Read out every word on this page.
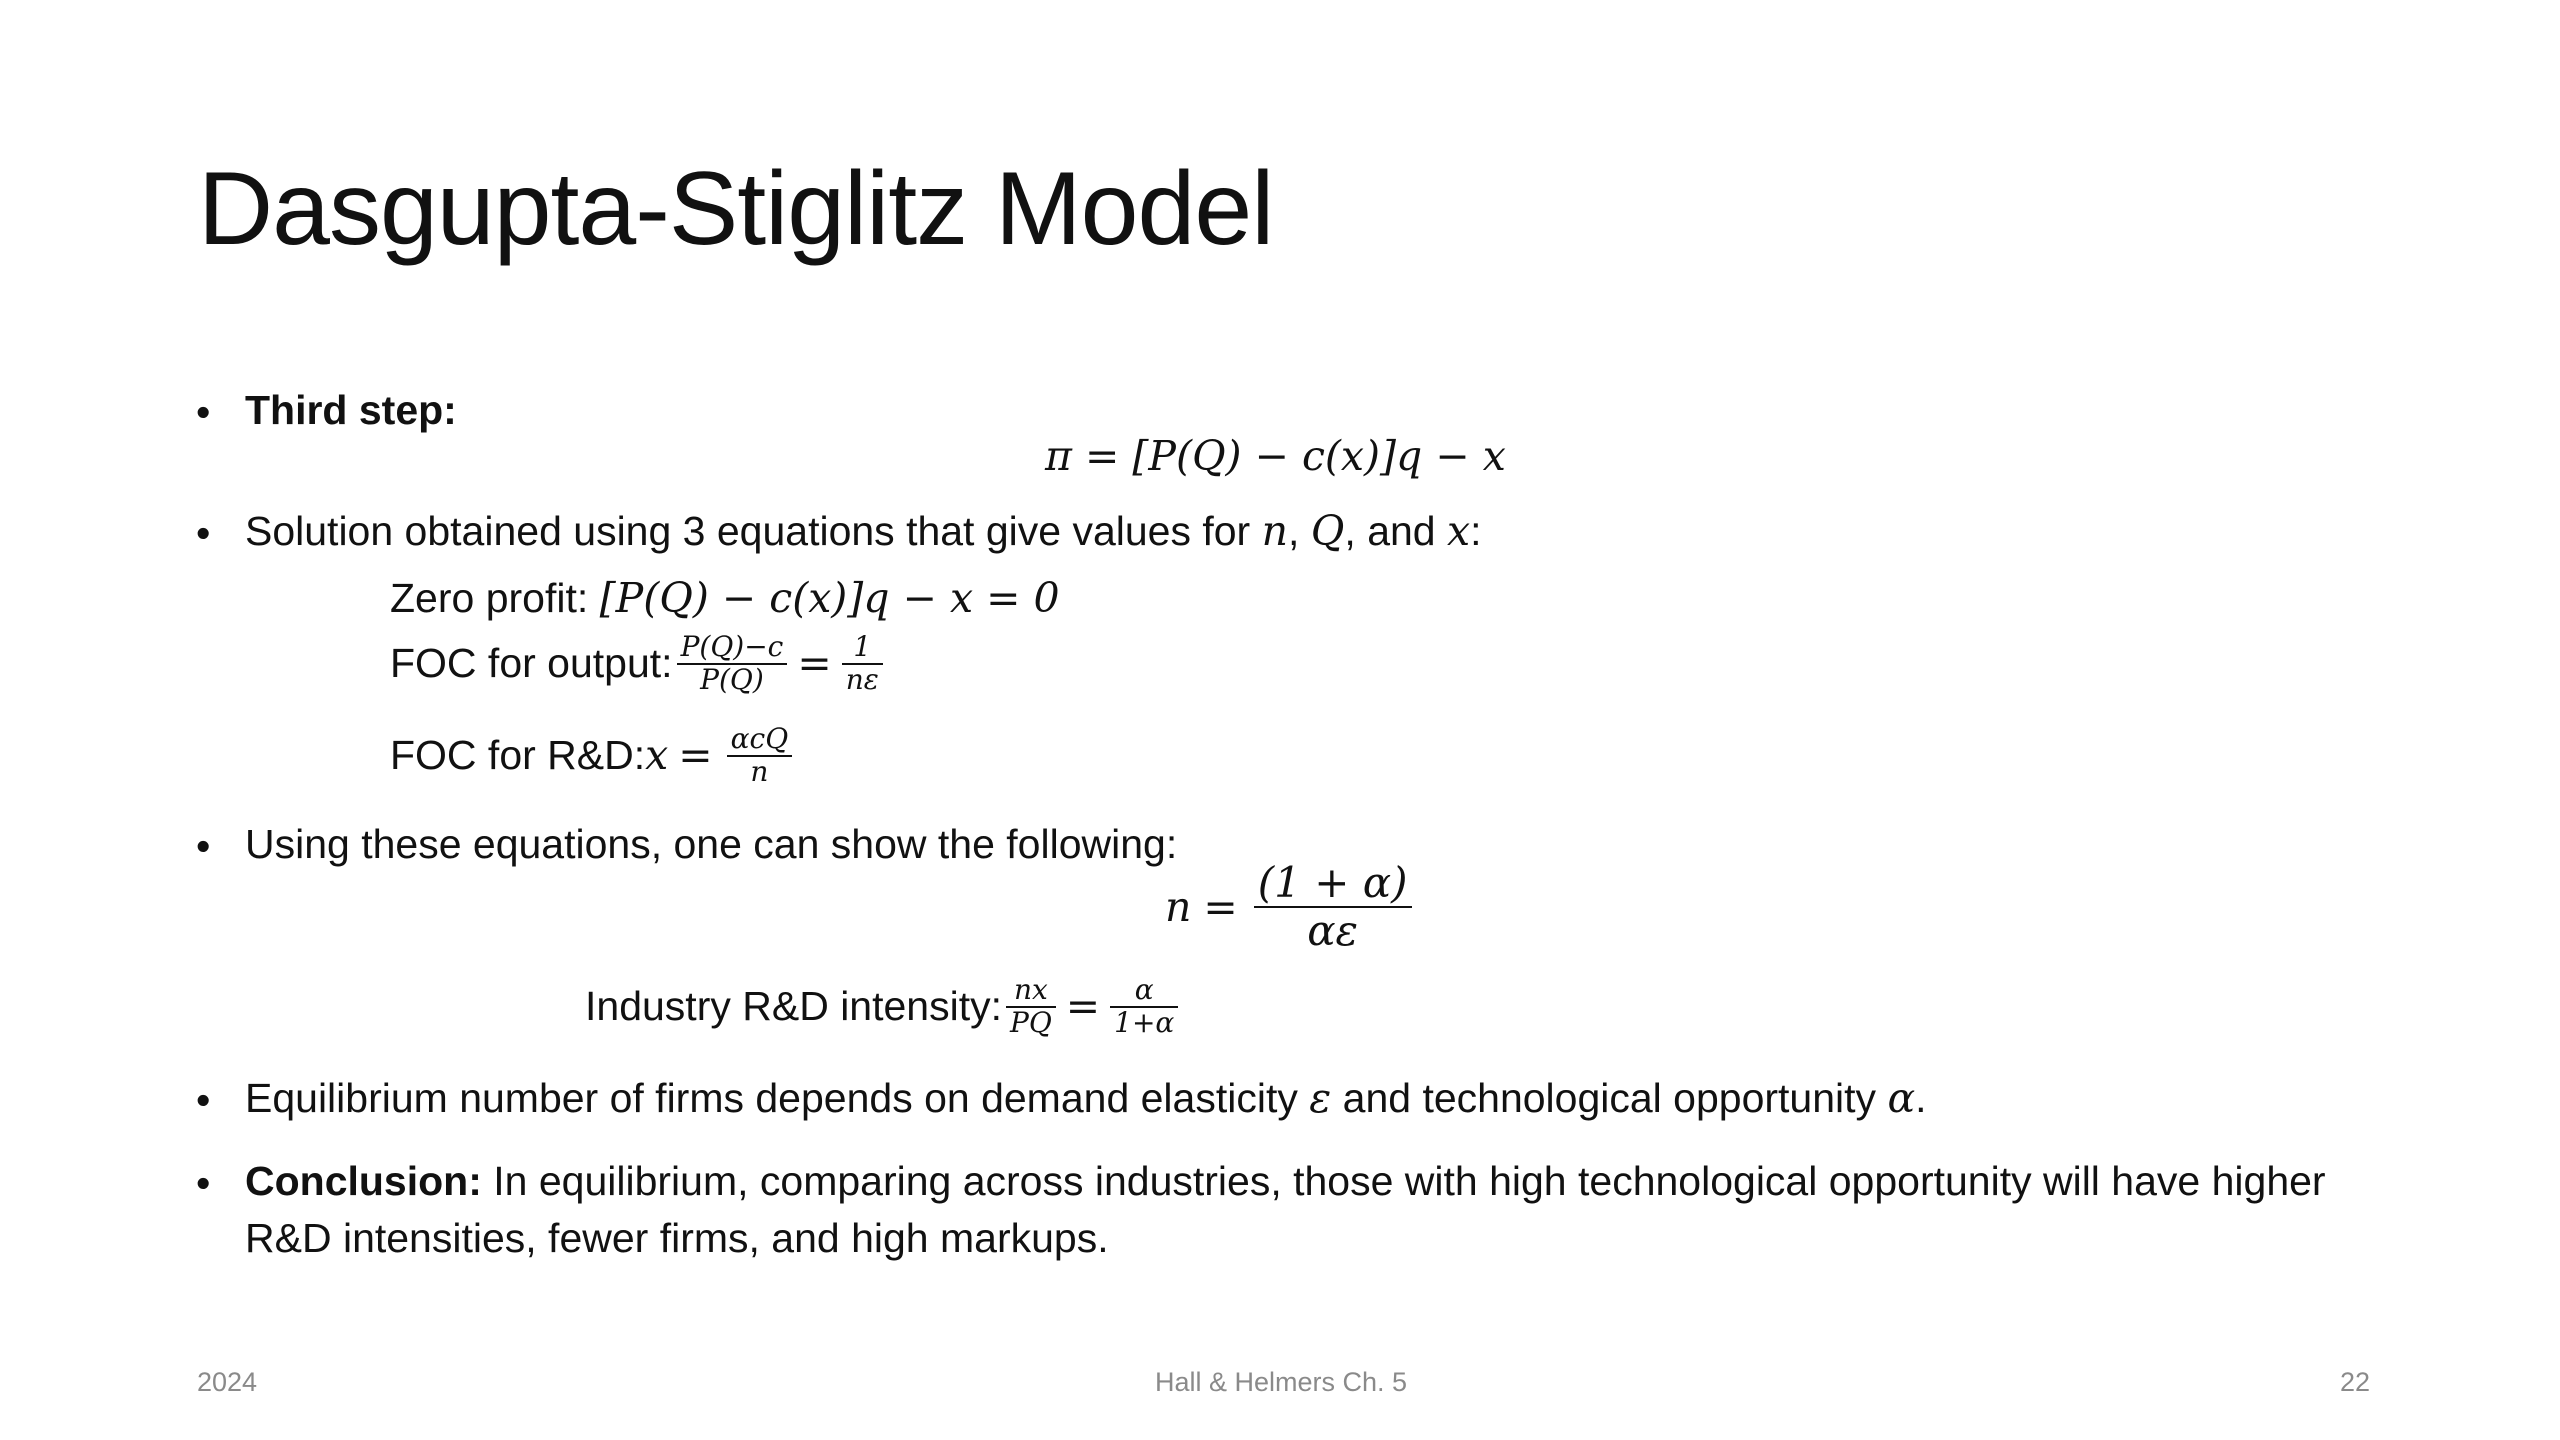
Dasgupta-Stiglitz Model
• Third step:
π = [P(Q) − c(x)]q − x
• Solution obtained using 3 equations that give values for n, Q, and x:
Zero profit: [P(Q) − c(x)]q − x = 0
FOC for output: $\frac{P(Q)-c}{P(Q)} = \frac{1}{n\varepsilon}$
FOC for R&D: $x = \frac{\text{αcQ}}{n}$
• Using these equations, one can show the following:
$n = \frac{(1 + \alpha)}{\alpha\varepsilon}$
Industry R&D intensity: $\frac{nx}{PQ} = \frac{\alpha}{1+\alpha}$
• Equilibrium number of firms depends on demand elasticity ε and technological opportunity α.
• Conclusion: In equilibrium, comparing across industries, those with high technological opportunity will have higher R&D intensities, fewer firms, and high markups.
2024	Hall & Helmers Ch. 5	22
